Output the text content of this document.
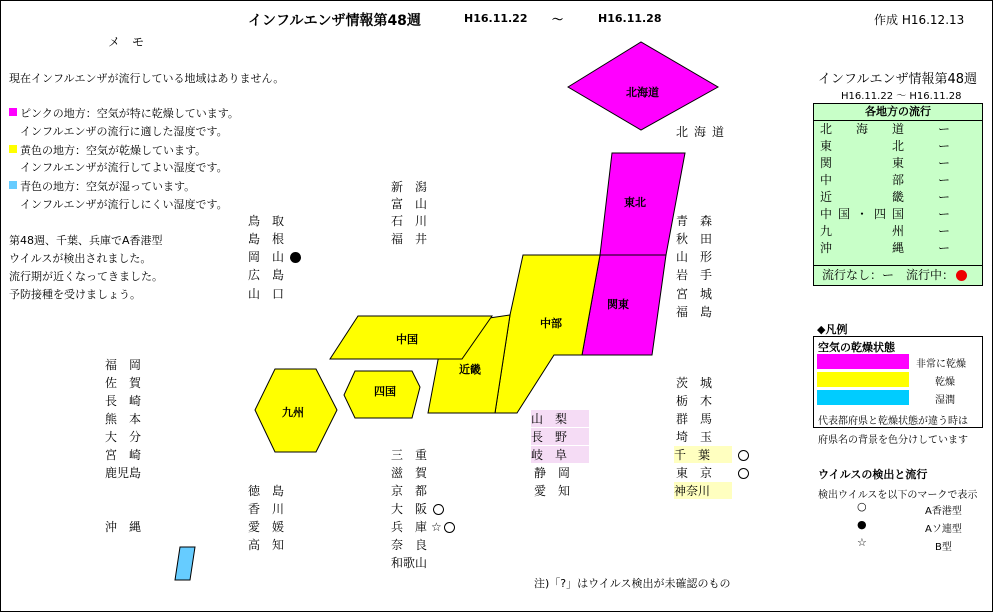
インフルエンザ情報第48週	H16.11.22 ～	H16.11.28	作成 H16.12.13
メ　モ
現在インフルエンザが流行している地域はありません。
ピンクの地方：空気が特に乾燥しています。
インフルエンザの流行に適した湿度です。
黄色の地方：空気が乾燥しています。
インフルエンザが流行してよい湿度です。
青色の地方：空気が湿っています。
インフルエンザが流行しにくい湿度です。
第48週、千葉、兵庫でA香港型
ウイルスが検出されました。
流行期が近くなってきました。
予防接種を受けましょう。
北海道
東北
関東
中部
近畿
中国
四国
九州
北海道
新　潟
富　山
石　川
福　井
鳥　取
島　根
岡　山
広　島
山　口
青　森
秋　田
山　形
岩　手
宮　城
福　島
福　岡
佐　賀
長　崎
熊　本
大　分
宮　崎
鹿児島
沖　縄
徳　島
香　川
愛　媛
高　知
三　重
滋　賀
京　都
大　阪
兵　庫 ☆
奈　良
和歌山
山　梨
長　野
岐　阜
静　岡
愛　知
茨　城
栃　木
群　馬
埼　玉
千　葉
東　京
神奈川
注)「?」はウイルス検出が未確認のもの
インフルエンザ情報第48週
H16.11.22 ～ H16.11.28
各地方の流行
北　海　道	ー
東　　　北	ー
関　　　東	ー
中　　　部	ー
近　　　畿	ー
中国・四国	ー
九　　　州	ー
沖　　　縄	ー
流行なし：ー　流行中：
◆凡例
空気の乾燥状態
非常に乾燥
乾燥
湿潤
代表都府県と乾燥状態が違う時は
府県名の背景を色分けしています
ウイルスの検出と流行
検出ウイルスを以下のマークで表示
○
●
☆
A香港型
Aソ連型
B型
